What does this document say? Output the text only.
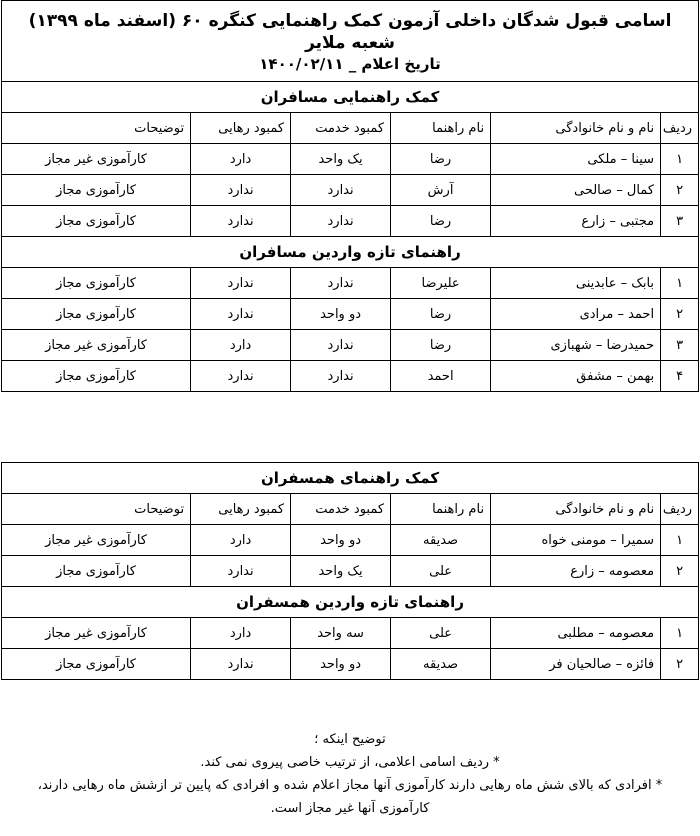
اسامی قبول شدگان داخلی آزمون کمک راهنمایی کنگره ۶۰ (اسفند ماه ۱۳۹۹)
شعبه ملایر
تاریخ اعلام _ ۱۴۰۰/۰۲/۱۱					

کمک راهنمایی مسافران					
ردیف	نام و نام خانوادگی	نام راهنما	کمبود خدمت	کمبود رهایی	توضیحات
۱	سینا – ملکی	رضا	یک واحد	دارد	کارآموزی غیر مجاز
۲	کمال – صالحی	آرش	ندارد	ندارد	کارآموزی مجاز
۳	مجتبی – زارع	رضا	ندارد	ندارد	کارآموزی مجاز
راهنمای تازه واردین مسافران					
۱	بابک – عابدینی	علیرضا	ندارد	ندارد	کارآموزی مجاز
۲	احمد – مرادی	رضا	دو واحد	ندارد	کارآموزی مجاز
۳	حمیدرضا – شهبازی	رضا	ندارد	دارد	کارآموزی غیر مجاز
۴	بهمن – مشفق	احمد	ندارد	ندارد	کارآموزی مجاز
کمک راهنمای همسفران					
ردیف	نام و نام خانوادگی	نام راهنما	کمبود خدمت	کمبود رهایی	توضیحات
۱	سمیرا – مومنی خواه	صدیقه	دو واحد	دارد	کارآموزی غیر مجاز
۲	معصومه – زارع	علی	یک واحد	ندارد	کارآموزی مجاز
راهنمای تازه واردین همسفران					
۱	معصومه – مطلبی	علی	سه واحد	دارد	کارآموزی غیر مجاز
۲	فائزه – صالحیان فر	صدیقه	دو واحد	ندارد	کارآموزی مجاز
توضیح اینکه ؛
* ردیف اسامی اعلامی، از ترتیب خاصی پیروی نمی کند.
* افرادی که بالای شش ماه رهایی دارند کارآموزی آنها مجاز اعلام شده و افرادی که پایین تر ازشش ماه رهایی دارند،
کارآموزی آنها غیر مجاز است.
